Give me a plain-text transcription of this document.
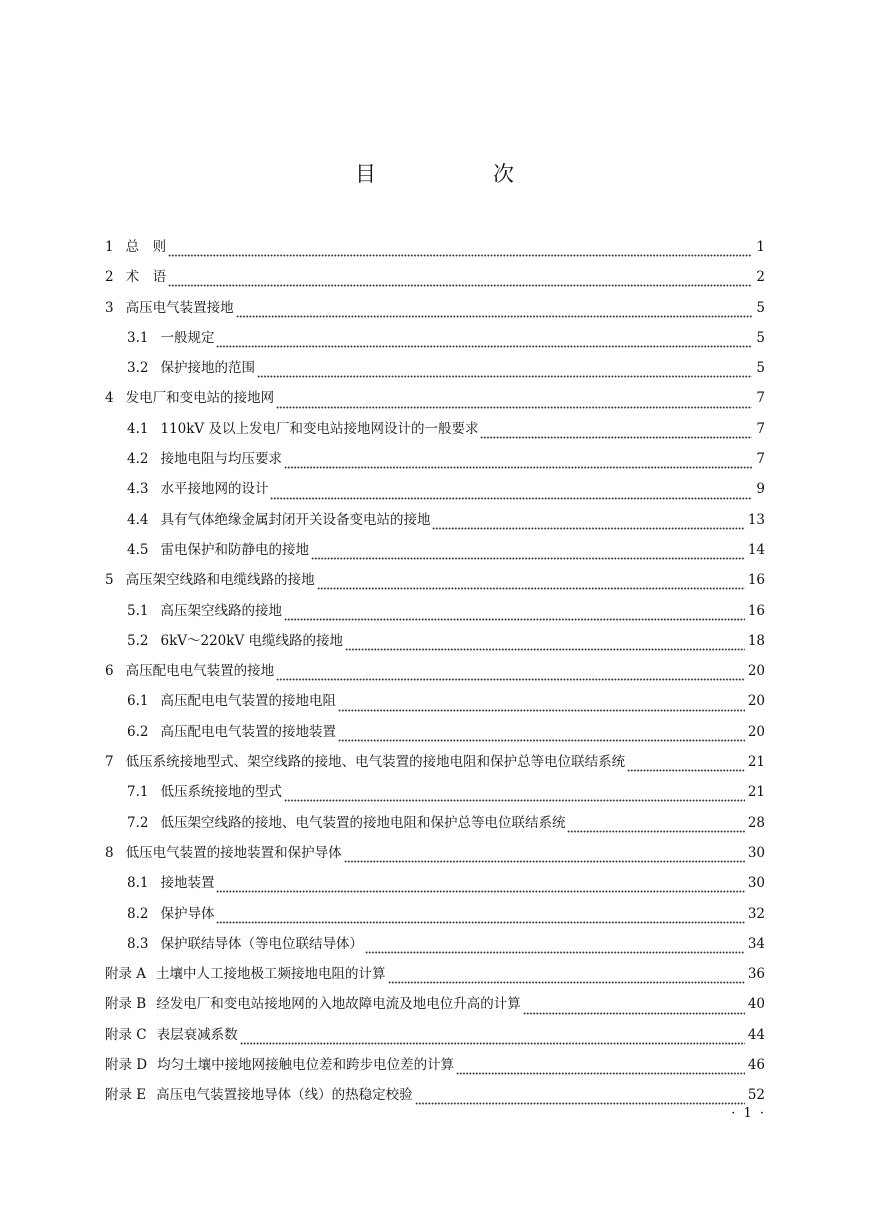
目　次
1 总　则	1
2 术　语	2
3 高压电气装置接地	5
3.1 一般规定	5
3.2 保护接地的范围	5
4 发电厂和变电站的接地网	7
4.1 110kV 及以上发电厂和变电站接地网设计的一般要求	7
4.2 接地电阻与均压要求	7
4.3 水平接地网的设计	9
4.4 具有气体绝缘金属封闭开关设备变电站的接地	13
4.5 雷电保护和防静电的接地	14
5 高压架空线路和电缆线路的接地	16
5.1 高压架空线路的接地	16
5.2 6kV～220kV 电缆线路的接地	18
6 高压配电电气装置的接地	20
6.1 高压配电电气装置的接地电阻	20
6.2 高压配电电气装置的接地装置	20
7 低压系统接地型式、架空线路的接地、电气装置的接地电阻和保护总等电位联结系统	21
7.1 低压系统接地的型式	21
7.2 低压架空线路的接地、电气装置的接地电阻和保护总等电位联结系统	28
8 低压电气装置的接地装置和保护导体	30
8.1 接地装置	30
8.2 保护导体	32
8.3 保护联结导体（等电位联结导体）	34
附录 A 土壤中人工接地极工频接地电阻的计算	36
附录 B 经发电厂和变电站接地网的入地故障电流及地电位升高的计算	40
附录 C 表层衰减系数	44
附录 D 均匀土壤中接地网接触电位差和跨步电位差的计算	46
附录 E 高压电气装置接地导体（线）的热稳定校验	52
· 1 ·
